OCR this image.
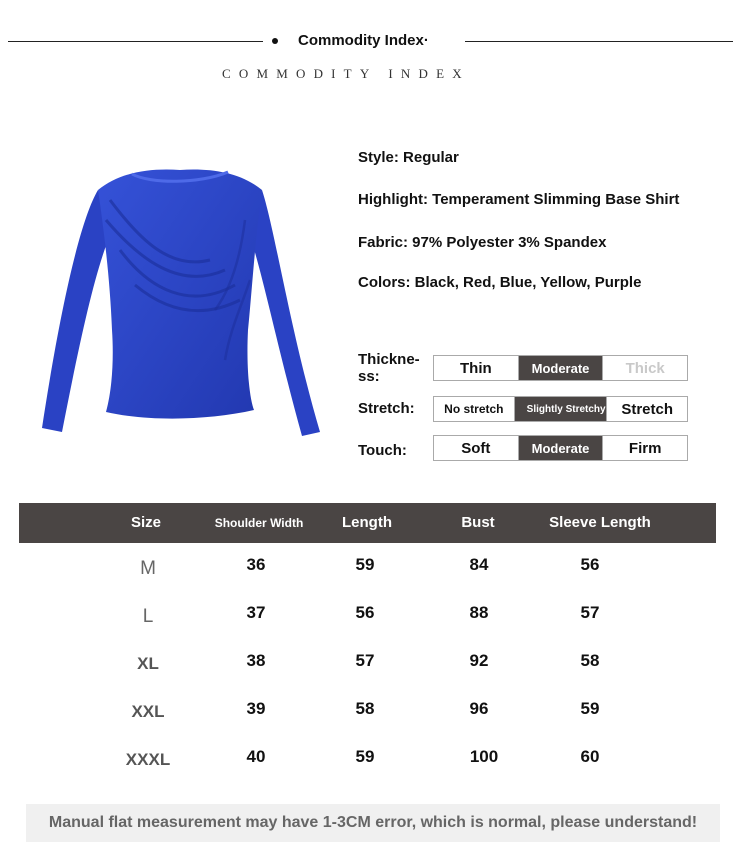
Commodity Index·
COMMODITY INDEX
Style: Regular
Highlight: Temperament Slimming Base Shirt
Fabric: 97% Polyester 3% Spandex
Colors: Black, Red, Blue, Yellow, Purple
Thickne-ss:	Thin	Moderate	Thick
Stretch:	No stretch	Slightly Stretchy	Stretch
Touch:	Soft	Moderate	Firm
Size	Shoulder Width	Length	Bust	Sleeve Length
M	36	59	84	56
L	37	56	88	57
XL	38	57	92	58
XXL	39	58	96	59
XXXL	40	59	100	60
Manual flat measurement may have 1-3CM error, which is normal, please understand!
